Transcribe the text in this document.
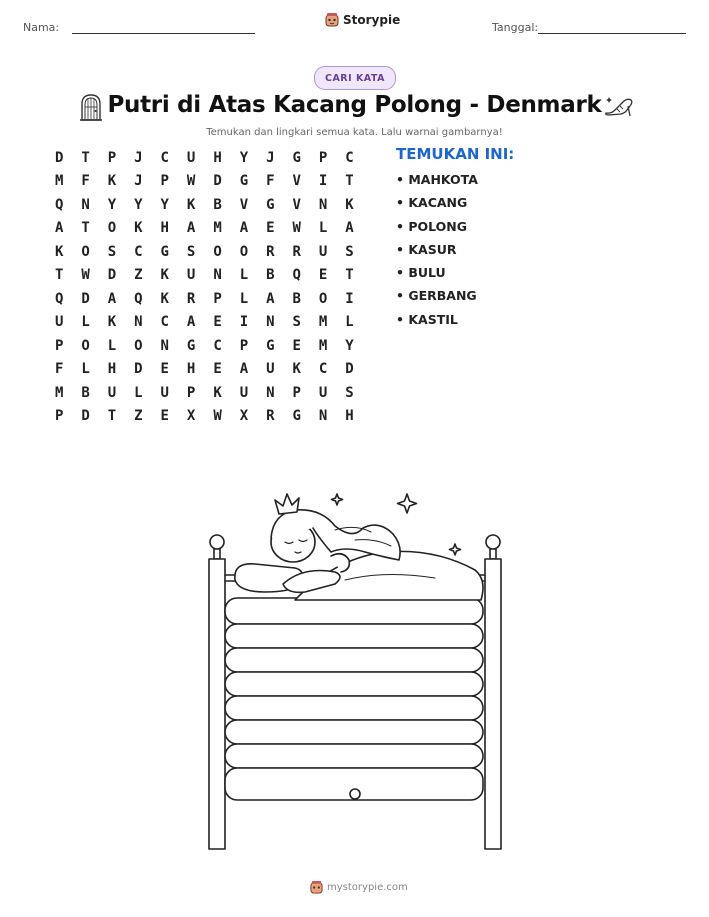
Nama:
Storypie
Tanggal:
CARI KATA
Putri di Atas Kacang Polong - Denmark
Temukan dan lingkari semua kata. Lalu warnai gambarnya!
D	T	P	J	C	U	H	Y	J	G	P	C
M	F	K	J	P	W	D	G	F	V	I	T
Q	N	Y	Y	Y	K	B	V	G	V	N	K
A	T	O	K	H	A	M	A	E	W	L	A
K	O	S	C	G	S	O	O	R	R	U	S
T	W	D	Z	K	U	N	L	B	Q	E	T
Q	D	A	Q	K	R	P	L	A	B	O	I
U	L	K	N	C	A	E	I	N	S	M	L
P	O	L	O	N	G	C	P	G	E	M	Y
F	L	H	D	E	H	E	A	U	K	C	D
M	B	U	L	U	P	K	U	N	P	U	S
P	D	T	Z	E	X	W	X	R	G	N	H
TEMUKAN INI:
• MAHKOTA
• KACANG
• POLONG
• KASUR
• BULU
• GERBANG
• KASTIL
mystorypie.com
